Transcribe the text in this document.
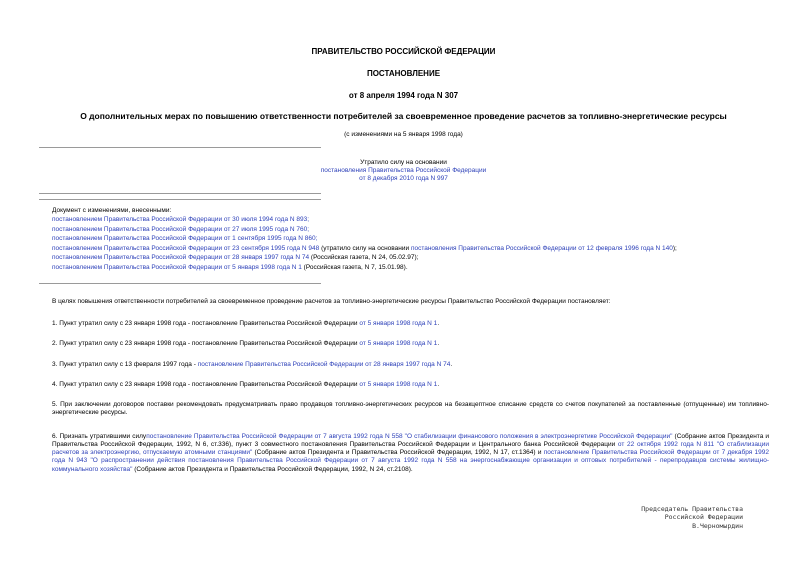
ПРАВИТЕЛЬСТВО РОССИЙСКОЙ ФЕДЕРАЦИИ
ПОСТАНОВЛЕНИЕ
от 8 апреля 1994 года N 307
О дополнительных мерах по повышению ответственности потребителей за своевременное проведение расчетов за топливно-энергетические ресурсы
(с изменениями на 5 января 1998 года)
Утратило силу на основании
постановления Правительства Российской Федерации
от 8 декабря 2010 года N 997
Документ с изменениями, внесенными:
постановлением Правительства Российской Федерации от 30 июля 1994 года N 893;
постановлением Правительства Российской Федерации от 27 июля 1995 года N 760;
постановлением Правительства Российской Федерации от 1 сентября 1995 года N 860;
постановлением Правительства Российской Федерации от 23 сентября 1995 года N 948 (утратило силу на основании постановления Правительства Российской Федерации от 12 февраля 1996 года N 140);
постановлением Правительства Российской Федерации от 28 января 1997 года N 74 (Российская газета, N 24, 05.02.97);
постановлением Правительства Российской Федерации от 5 января 1998 года N 1 (Российская газета, N 7, 15.01.98).
В целях повышения ответственности потребителей за своевременное проведение расчетов за топливно-энергетические ресурсы Правительство Российской Федерации постановляет:
1. Пункт утратил силу с 23 января 1998 года - постановление Правительства Российской Федерации от 5 января 1998 года N 1.
2. Пункт утратил силу с 23 января 1998 года - постановление Правительства Российской Федерации от 5 января 1998 года N 1.
3. Пункт утратил силу с 13 февраля 1997 года - постановление Правительства Российской Федерации от 28 января 1997 года N 74.
4. Пункт утратил силу с 23 января 1998 года - постановление Правительства Российской Федерации от 5 января 1998 года N 1.
5. При заключении договоров поставки рекомендовать предусматривать право продавцов топливно-энергетических ресурсов на безакцептное списание средств со счетов покупателей за поставленные (отпущенные) им топливно-энергетические ресурсы.
6. Признать утратившими силупостановление Правительства Российской Федерации от 7 августа 1992 года N 558 "О стабилизации финансового положения в электроэнергетике Российской Федерации" (Собрание актов Президента и Правительства Российской Федерации, 1992, N 6, ст.336), пункт 3 совместного постановления Правительства Российской Федерации и Центрального банка Российской Федерации от 22 октября 1992 года N 811 "О стабилизации расчетов за электроэнергию, отпускаемую атомными станциями" (Собрание актов Президента и Правительства Российской Федерации, 1992, N 17, ст.1364) и постановление Правительства Российской Федерации от 7 декабря 1992 года N 943 "О распространении действия постановления Правительства Российской Федерации от 7 августа 1992 года N 558 на энергоснабжающие организации и оптовых потребителей - перепродавцов системы жилищно-коммунального хозяйства" (Собрание актов Президента и Правительства Российской Федерации, 1992, N 24, ст.2108).
Председатель Правительства
Российской Федерации
В.Черномырдин
